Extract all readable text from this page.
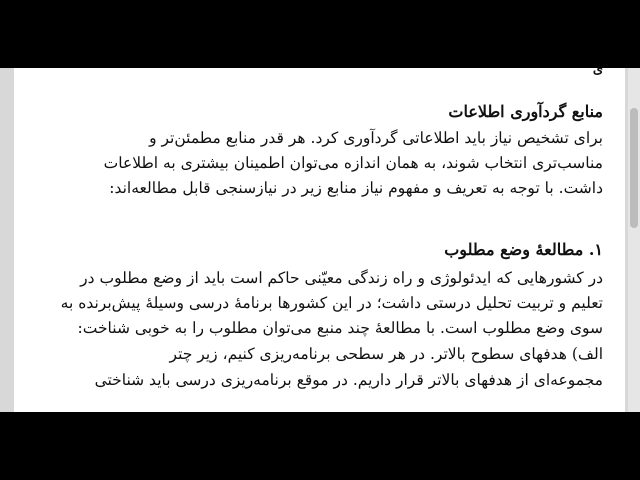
ی
منابع گردآوری اطلاعات
برای تشخیص نیاز باید اطلاعاتی گردآوری کرد. هر قدر منابع مطمئن‌تر و
مناسب‌تری انتخاب شوند، به همان اندازه می‌توان اطمینان بیشتری به اطلاعات
داشت. با توجه به تعریف و مفهوم نیاز منابع زیر در نیازسنجی قابل مطالعه‌اند:
۱. مطالعهٔ وضع مطلوب
در کشورهایی که ایدئولوژی و راه زندگی معیّنی حاکم است باید از وضع مطلوب در
تعلیم و تربیت تحلیل درستی داشت؛ در این کشورها برنامهٔ درسی وسیلهٔ پیش‌برنده به
سوی وضع مطلوب است. با مطالعهٔ چند منبع می‌توان مطلوب را به خوبی شناخت:
الف) هدفهای سطوح بالاتر. در هر سطحی برنامه‌ریزی کنیم، زیر چتر
مجموعه‌ای از هدفهای بالاتر قرار داریم. در موقع برنامه‌ریزی درسی باید شناختی
